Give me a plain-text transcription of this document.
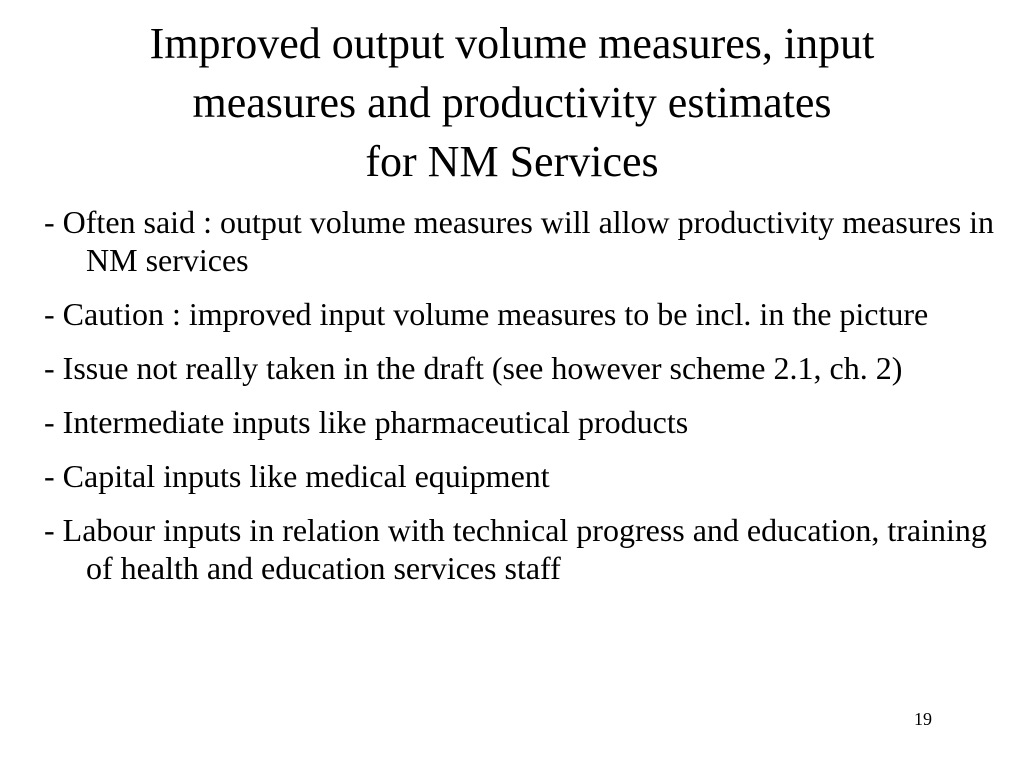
Improved output volume measures, input
measures and productivity estimates
for NM Services
- Often said : output volume measures will allow productivity measures in NM services
- Caution : improved input volume measures to be incl. in the picture
- Issue not really taken in the draft (see however scheme 2.1, ch. 2)
- Intermediate inputs like pharmaceutical products
- Capital inputs like medical equipment
- Labour inputs in relation with technical progress and education, training of health and education services staff
19
